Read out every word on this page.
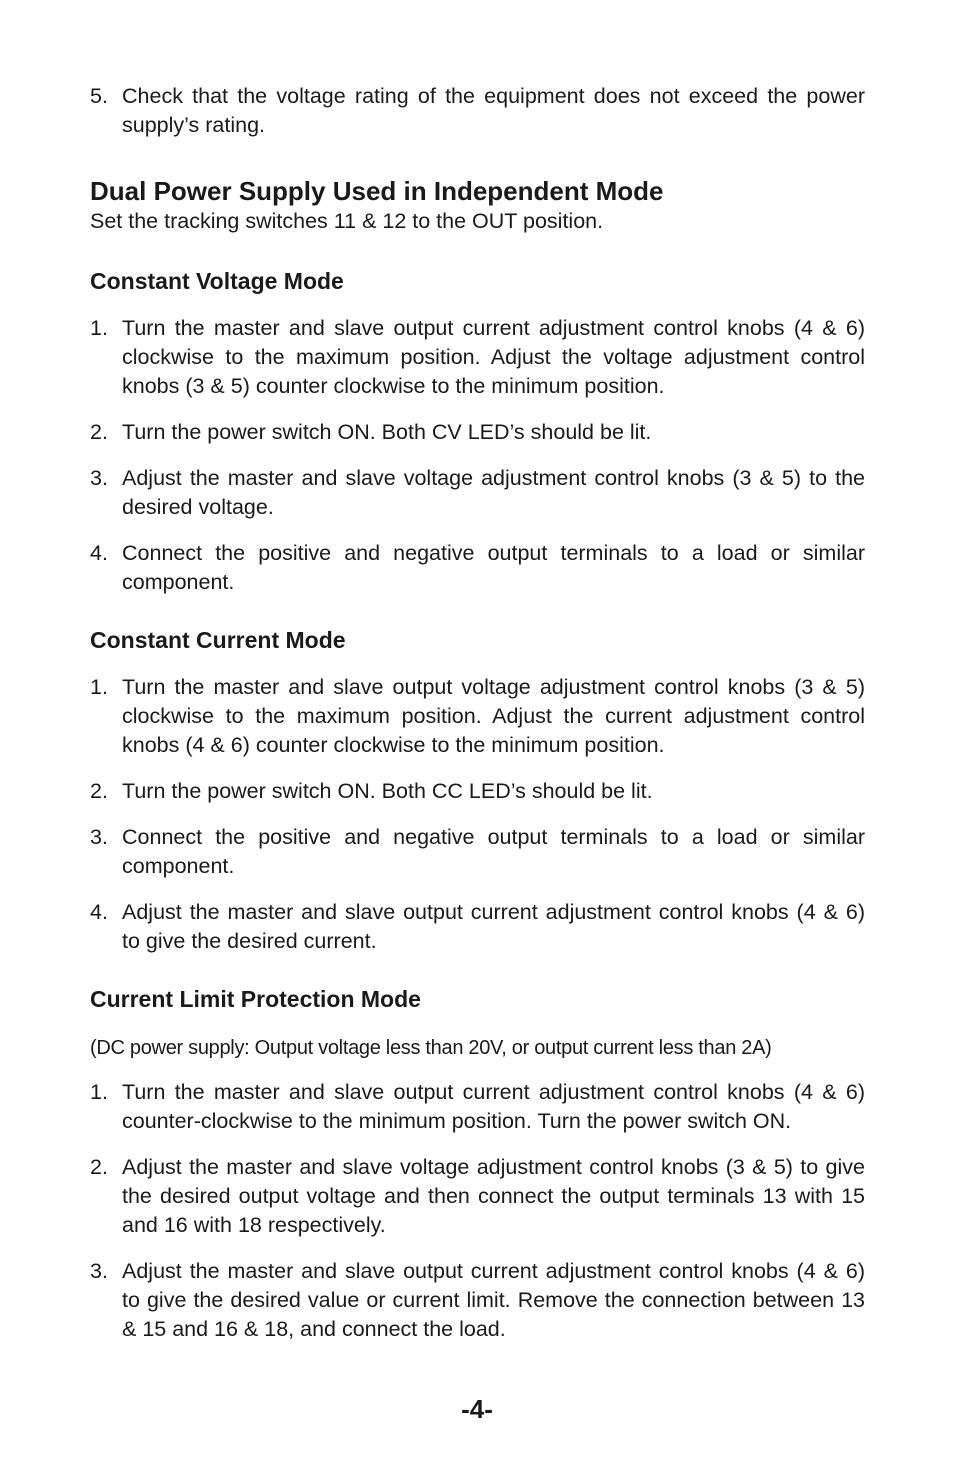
5. Check that the voltage rating of the equipment does not exceed the power supply’s rating.
Dual Power Supply Used in Independent Mode

Set the tracking switches 11 & 12 to the OUT position.

Constant Voltage Mode
1. Turn the master and slave output current adjustment control knobs (4 & 6) clockwise to the maximum position. Adjust the voltage adjustment control knobs (3 & 5) counter clockwise to the minimum position.
2. Turn the power switch ON. Both CV LED’s should be lit.
3. Adjust the master and slave voltage adjustment control knobs (3 & 5) to the desired voltage.
4. Connect the positive and negative output terminals to a load or similar component.
Constant Current Mode
1. Turn the master and slave output voltage adjustment control knobs (3 & 5) clockwise to the maximum position. Adjust the current adjustment control knobs (4 & 6) counter clockwise to the minimum position.
2. Turn the power switch ON. Both CC LED’s should be lit.
3. Connect the positive and negative output terminals to a load or similar component.
4. Adjust the master and slave output current adjustment control knobs (4 & 6) to give the desired current.
Current Limit Protection Mode

(DC power supply: Output voltage less than 20V, or output current less than 2A)

1. Turn the master and slave output current adjustment control knobs (4 & 6) counter-clockwise to the minimum position. Turn the power switch ON.
2. Adjust the master and slave voltage adjustment control knobs (3 & 5) to give the desired output voltage and then connect the output terminals 13 with 15 and 16 with 18 respectively.
3. Adjust the master and slave output current adjustment control knobs (4 & 6) to give the desired value or current limit. Remove the connection between 13 & 15 and 16 & 18, and connect the load.
-4-
